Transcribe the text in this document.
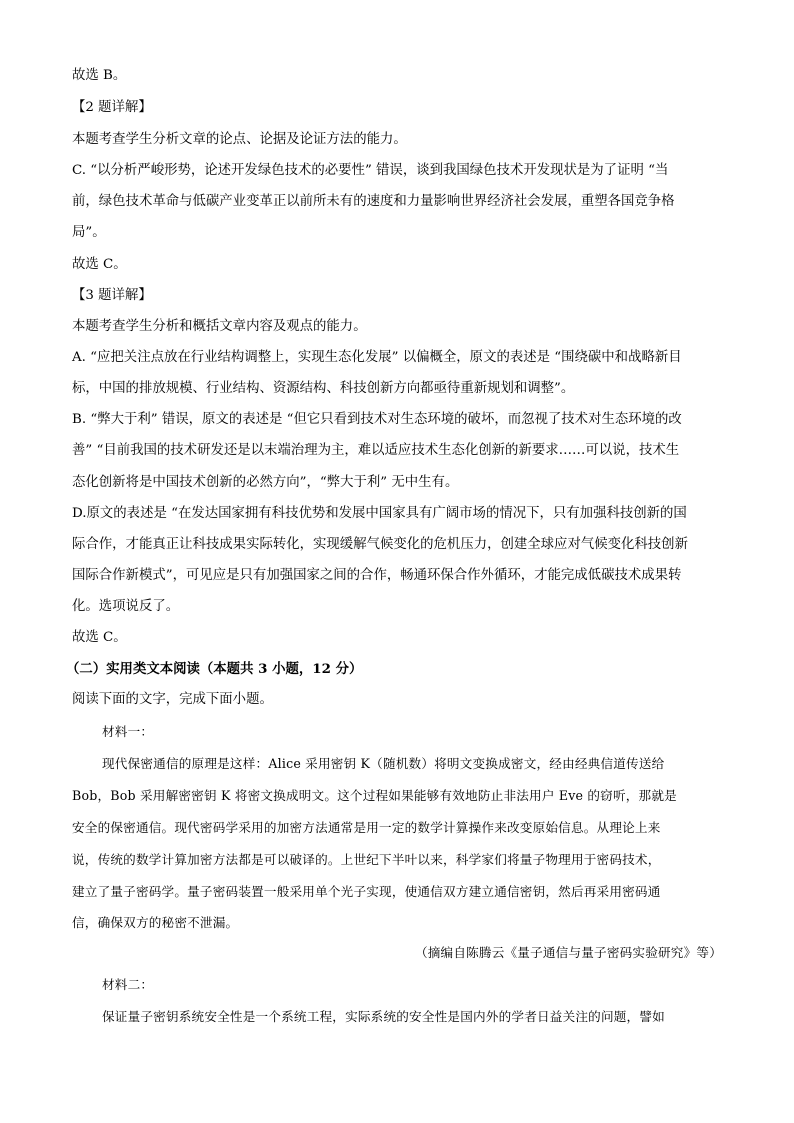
故选 B。
【2 题详解】
本题考查学生分析文章的论点、论据及论证方法的能力。
C. “以分析严峻形势，论述开发绿色技术的必要性” 错误，谈到我国绿色技术开发现状是为了证明 “当
前，绿色技术革命与低碳产业变革正以前所未有的速度和力量影响世界经济社会发展，重塑各国竞争格
局”。
故选 C。
【3 题详解】
本题考查学生分析和概括文章内容及观点的能力。
A. “应把关注点放在行业结构调整上，实现生态化发展” 以偏概全，原文的表述是 “围绕碳中和战略新目
标，中国的排放规模、行业结构、资源结构、科技创新方向都亟待重新规划和调整”。
B. “弊大于利” 错误，原文的表述是 “但它只看到技术对生态环境的破坏，而忽视了技术对生态环境的改
善” “目前我国的技术研发还是以末端治理为主，难以适应技术生态化创新的新要求……可以说，技术生
态化创新将是中国技术创新的必然方向”，“弊大于利” 无中生有。
D.原文的表述是 “在发达国家拥有科技优势和发展中国家具有广阔市场的情况下，只有加强科技创新的国
际合作，才能真正让科技成果实际转化，实现缓解气候变化的危机压力，创建全球应对气候变化科技创新
国际合作新模式”，可见应是只有加强国家之间的合作，畅通环保合作外循环，才能完成低碳技术成果转
化。选项说反了。
故选 C。
（二）实用类文本阅读（本题共 3 小题，12 分）
阅读下面的文字，完成下面小题。
材料一：
现代保密通信的原理是这样：Alice 采用密钥 K（随机数）将明文变换成密文，经由经典信道传送给
Bob，Bob 采用解密密钥 K 将密文换成明文。这个过程如果能够有效地防止非法用户 Eve 的窃听，那就是
安全的保密通信。现代密码学采用的加密方法通常是用一定的数学计算操作来改变原始信息。从理论上来
说，传统的数学计算加密方法都是可以破译的。上世纪下半叶以来，科学家们将量子物理用于密码技术，
建立了量子密码学。量子密码装置一般采用单个光子实现，使通信双方建立通信密钥，然后再采用密码通
信，确保双方的秘密不泄漏。
（摘编自陈腾云《量子通信与量子密码实验研究》等）
材料二：
保证量子密钥系统安全性是一个系统工程，实际系统的安全性是国内外的学者日益关注的问题，譬如
